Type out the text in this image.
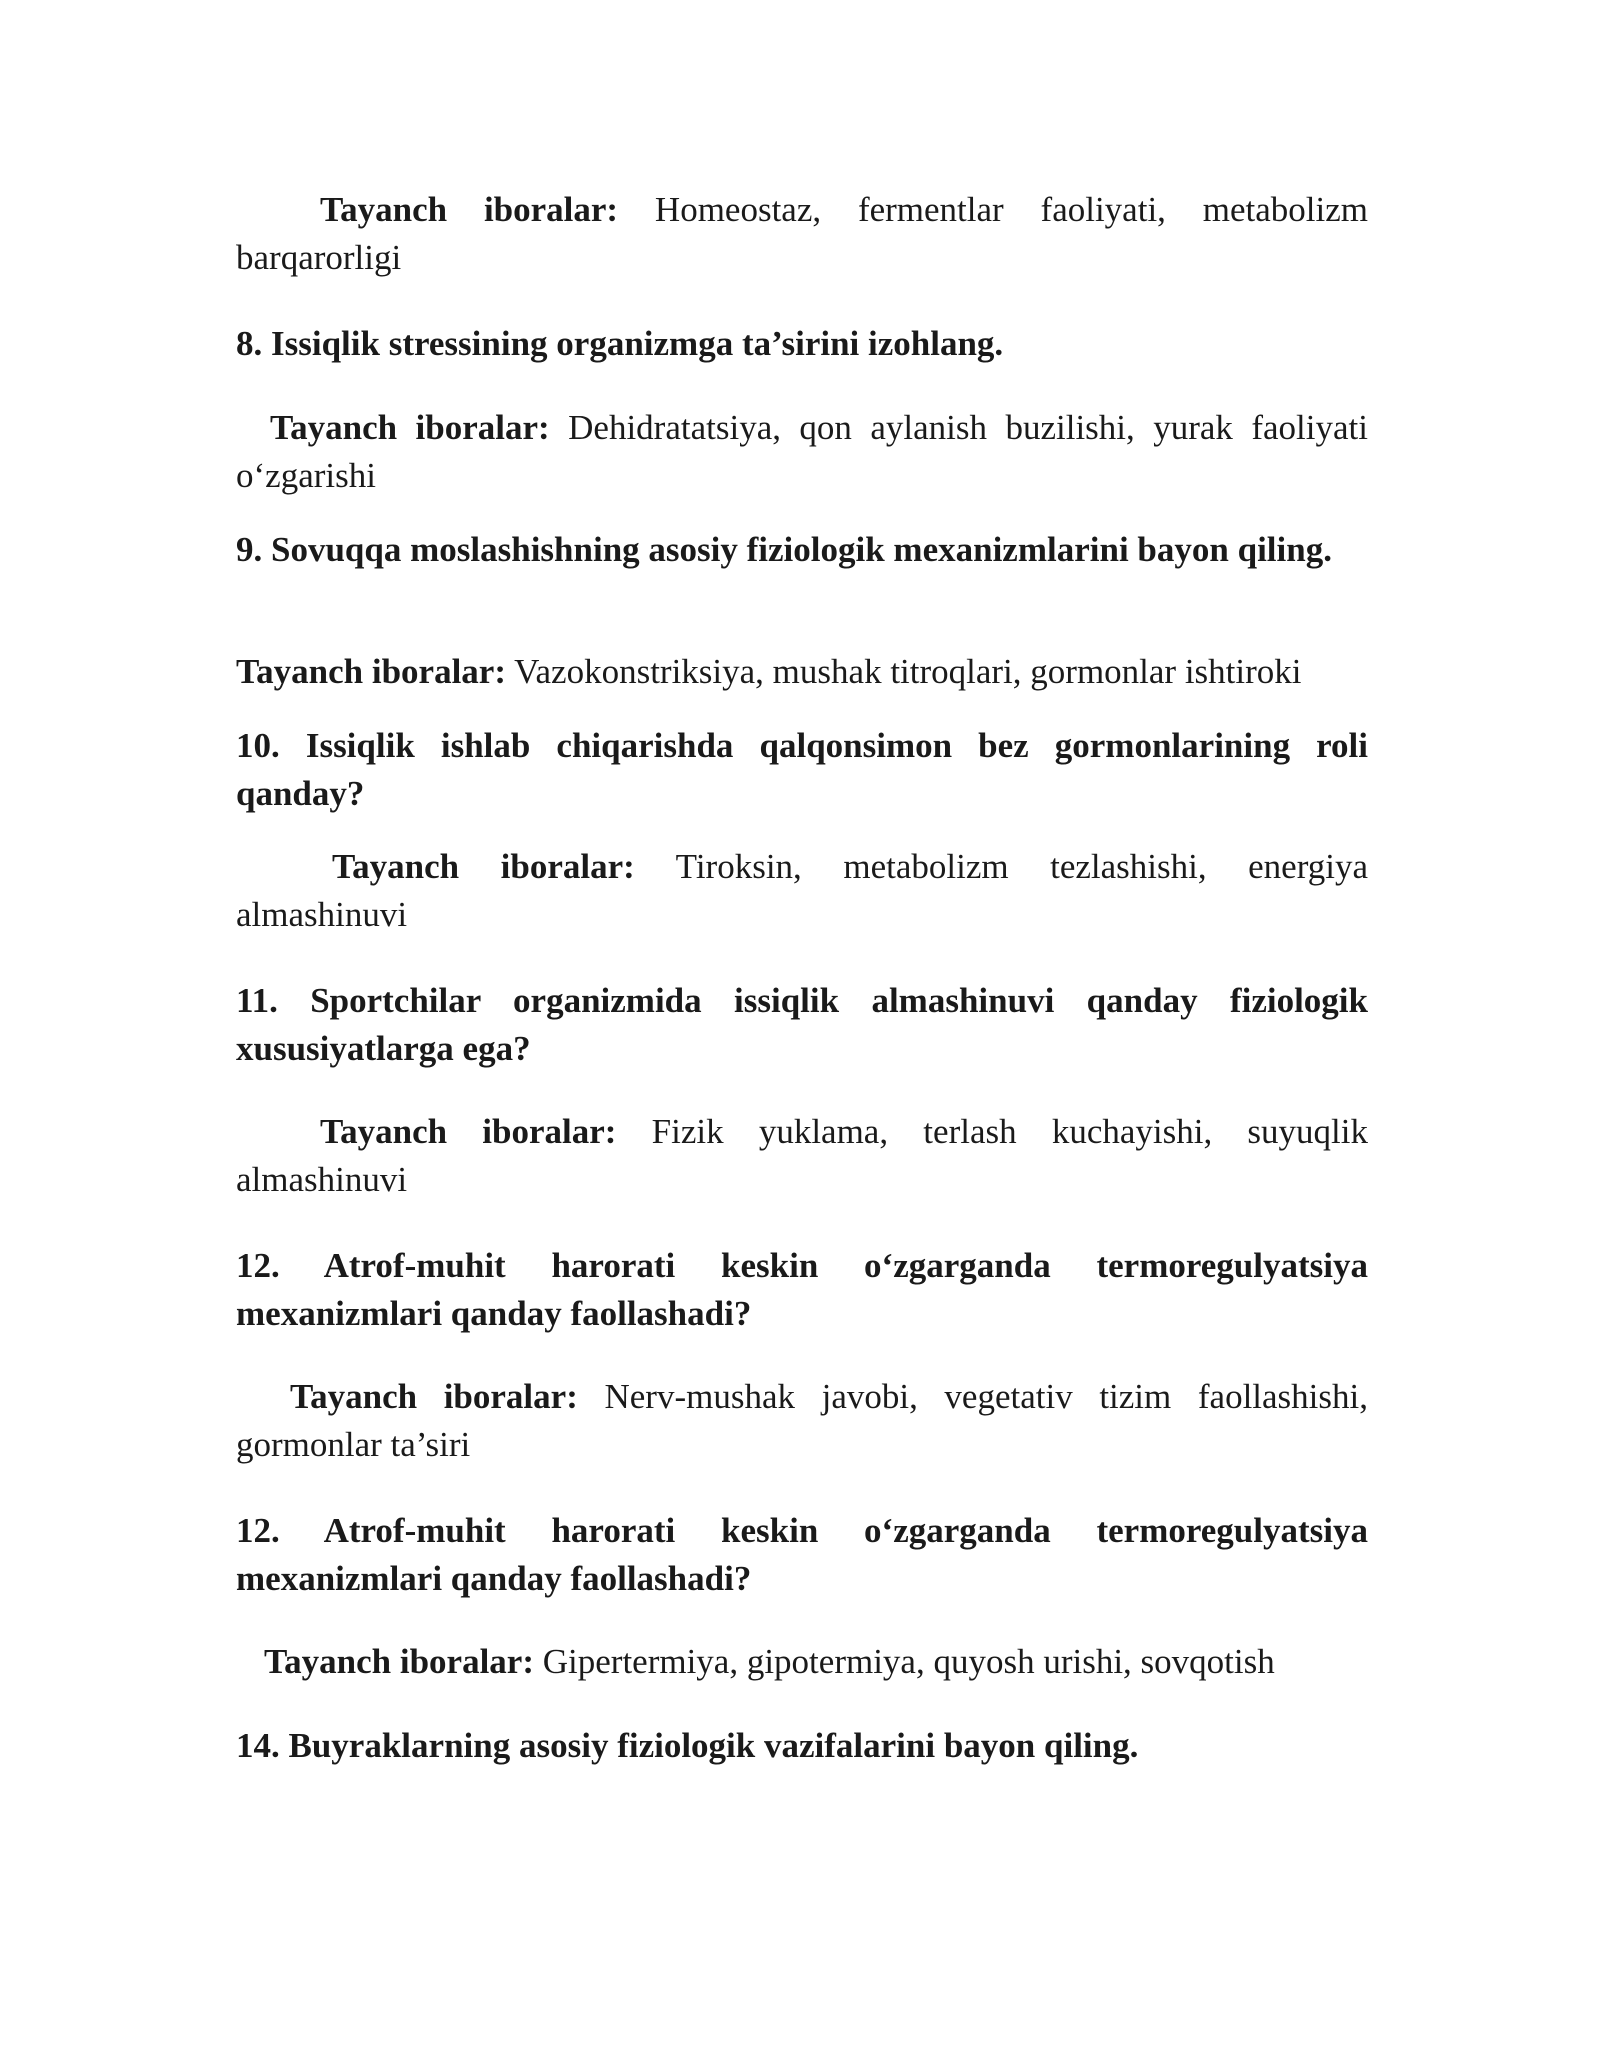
Tayanch iboralar: Homeostaz, fermentlar faoliyati, metabolizm barqarorligi
8. Issiqlik stressining organizmga ta’sirini izohlang.
Tayanch iboralar: Dehidratatsiya, qon aylanish buzilishi, yurak faoliyati o‘zgarishi
9. Sovuqqa moslashishning asosiy fiziologik mexanizmlarini bayon qiling.
Tayanch iboralar: Vazokonstriksiya, mushak titroqlari, gormonlar ishtiroki
10. Issiqlik ishlab chiqarishda qalqonsimon bez gormonlarining roli qanday?
Tayanch iboralar: Tiroksin, metabolizm tezlashishi, energiya almashinuvi
11. Sportchilar organizmida issiqlik almashinuvi qanday fiziologik xususiyatlarga ega?
Tayanch iboralar: Fizik yuklama, terlash kuchayishi, suyuqlik almashinuvi
12. Atrof-muhit harorati keskin o‘zgarganda termoregulyatsiya mexanizmlari qanday faollashadi?
Tayanch iboralar: Nerv-mushak javobi, vegetativ tizim faollashishi, gormonlar ta’siri
12. Atrof-muhit harorati keskin o‘zgarganda termoregulyatsiya mexanizmlari qanday faollashadi?
Tayanch iboralar: Gipertermiya, gipotermiya, quyosh urishi, sovqotish
14. Buyraklarning asosiy fiziologik vazifalarini bayon qiling.
